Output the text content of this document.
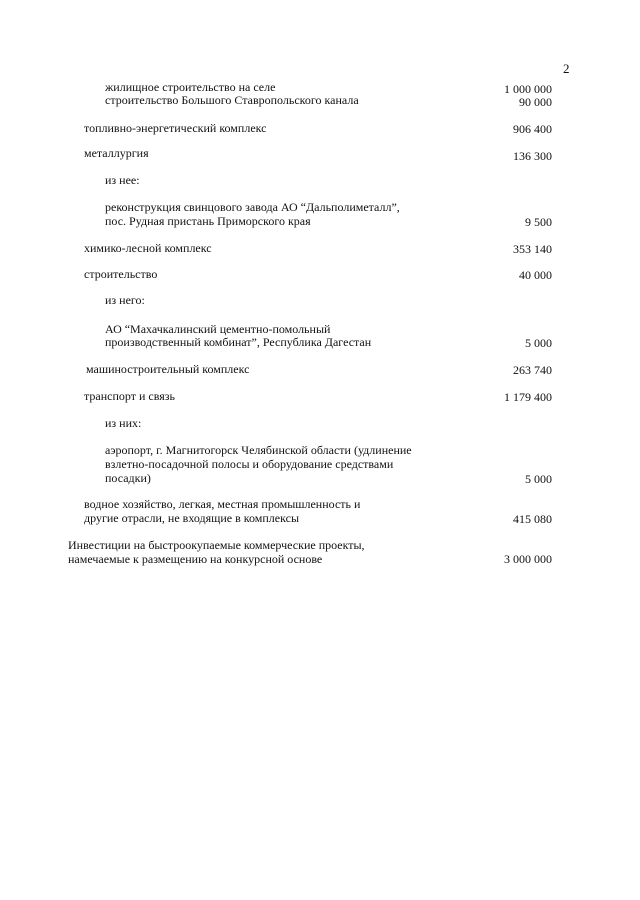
2
жилищное строительство на селе	1 000 000
строительство Большого Ставропольского канала	90 000
топливно-энергетический комплекс	906 400
металлургия	136 300
из нее:
реконструкция свинцового завода АО “Дальполиметалл”,
пос. Рудная пристань Приморского края	9 500
химико-лесной комплекс	353 140
строительство	40 000
из него:
АО “Махачкалинский цементно-помольный
производственный комбинат”, Республика Дагестан	5 000
машиностроительный комплекс	263 740
транспорт и связь	1 179 400
из них:
аэропорт, г. Магнитогорск Челябинской области (удлинение
взлетно-посадочной полосы и оборудование средствами
посадки)	5 000
водное хозяйство, легкая, местная промышленность и
другие отрасли, не входящие в комплексы	415 080
Инвестиции на быстроокупаемые коммерческие проекты,
намечаемые к размещению на конкурсной основе	3 000 000
